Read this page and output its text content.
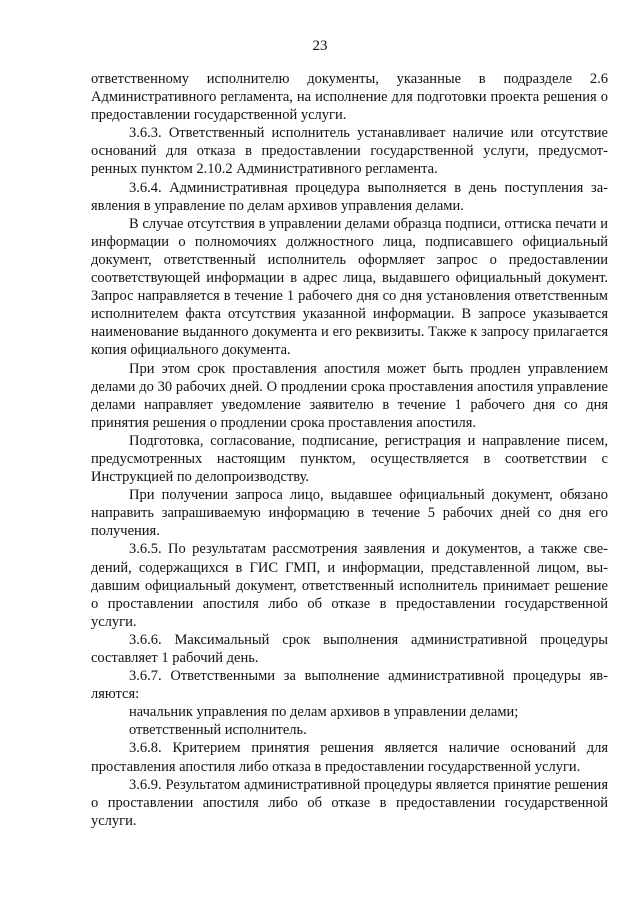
23

ответственному исполнителю документы, указанные в подразделе 2.6 Административного регламента, на исполнение для подготовки проекта решения о предоставлении государственной услуги.

3.6.3. Ответственный исполнитель устанавливает наличие или отсутствие оснований для отказа в предоставлении государственной услуги, предусмотренных пунктом 2.10.2 Административного регламента.

3.6.4. Административная процедура выполняется в день поступления заявления в управление по делам архивов управления делами.

В случае отсутствия в управлении делами образца подписи, оттиска печати и информации о полномочиях должностного лица, подписавшего официальный документ, ответственный исполнитель оформляет запрос о предоставлении соответствующей информации в адрес лица, выдавшего официальный документ. Запрос направляется в течение 1 рабочего дня со дня установления ответственным исполнителем факта отсутствия указанной информации. В запросе указывается наименование выданного документа и его реквизиты. Также к запросу прилагается копия официального документа.

При этом срок проставления апостиля может быть продлен управлением делами до 30 рабочих дней. О продлении срока проставления апостиля управление делами направляет уведомление заявителю в течение 1 рабочего дня со дня принятия решения о продлении срока проставления апостиля.

Подготовка, согласование, подписание, регистрация и направление писем, предусмотренных настоящим пунктом, осуществляется в соответствии с Инструкцией по делопроизводству.

При получении запроса лицо, выдавшее официальный документ, обязано направить запрашиваемую информацию в течение 5 рабочих дней со дня его получения.

3.6.5. По результатам рассмотрения заявления и документов, а также сведений, содержащихся в ГИС ГМП, и информации, представленной лицом, выдавшим официальный документ, ответственный исполнитель принимает решение о проставлении апостиля либо об отказе в предоставлении государственной услуги.

3.6.6. Максимальный срок выполнения административной процедуры составляет 1 рабочий день.

3.6.7. Ответственными за выполнение административной процедуры являются:

начальник управления по делам архивов в управлении делами;

ответственный исполнитель.

3.6.8. Критерием принятия решения является наличие оснований для проставления апостиля либо отказа в предоставлении государственной услуги.

3.6.9. Результатом административной процедуры является принятие решения о проставлении апостиля либо об отказе в предоставлении государственной услуги.
